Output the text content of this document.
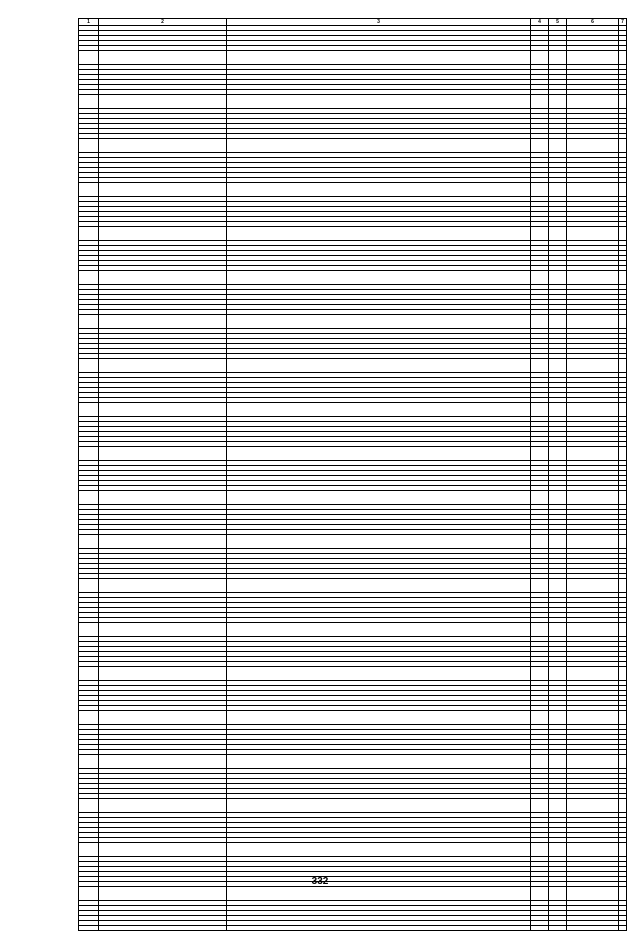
1	2	3	4	5	6	7

332
